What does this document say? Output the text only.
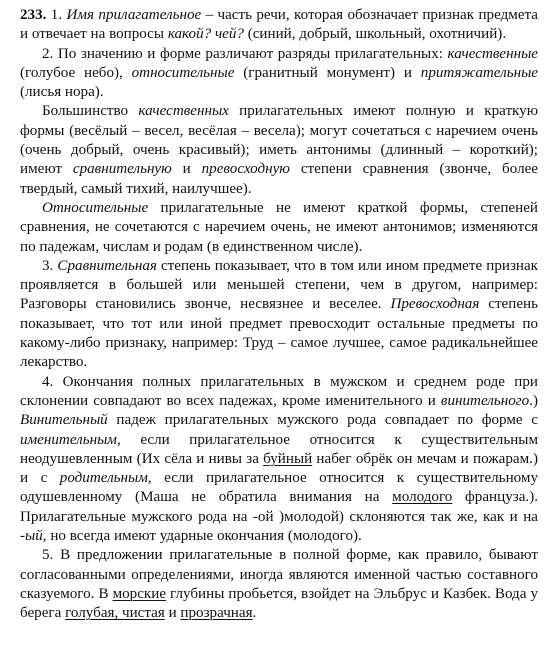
233. 1. Имя прилагательное – часть речи, которая обозначает признак предмета и отвечает на вопросы какой? чей? (синий, добрый, школьный, охотничий).

2. По значению и форме различают разряды прилагательных: качественные (голубое небо), относительные (гранитный монумент) и притяжательные (лисья нора).

Большинство качественных прилагательных имеют полную и краткую формы (весёлый – весел, весёлая – весела); могут сочетаться с наречием очень (очень добрый, очень красивый); иметь антонимы (длинный – короткий); имеют сравнительную и превосходную степени сравнения (звонче, более твердый, самый тихий, наилучшее).

Относительные прилагательные не имеют краткой формы, степеней сравнения, не сочетаются с наречием очень, не имеют антонимов; изменяются по падежам, числам и родам (в единственном числе).

3. Сравнительная степень показывает, что в том или ином предмете признак проявляется в большей или меньшей степени, чем в другом, например: Разговоры становились звонче, несвязнее и веселее. Превосходная степень показывает, что тот или иной предмет превосходит остальные предметы по какому-либо признаку, например: Труд – самое лучшее, самое радикальнейшее лекарство.

4. Окончания полных прилагательных в мужском и среднем роде при склонении совпадают во всех падежах, кроме именительного и винительного.) Винительный падеж прилагательных мужского рода совпадает по форме с именительным, если прилагательное относится к существительным неодушевленным (Их сёла и нивы за буйный набег обрёк он мечам и пожарам.) и с родительным, если прилагательное относится к существительному одушевленному (Маша не обратила внимания на молодого француза.). Прилагательные мужского рода на -ой )молодой) склоняются так же, как и на -ый, но всегда имеют ударные окончания (молодого).

5. В предложении прилагательные в полной форме, как правило, бывают согласованными определениями, иногда являются именной частью составного сказуемого. В морские глубины пробьется, взойдет на Эльбрус и Казбек. Вода у берега голубая, чистая и прозрачная.
